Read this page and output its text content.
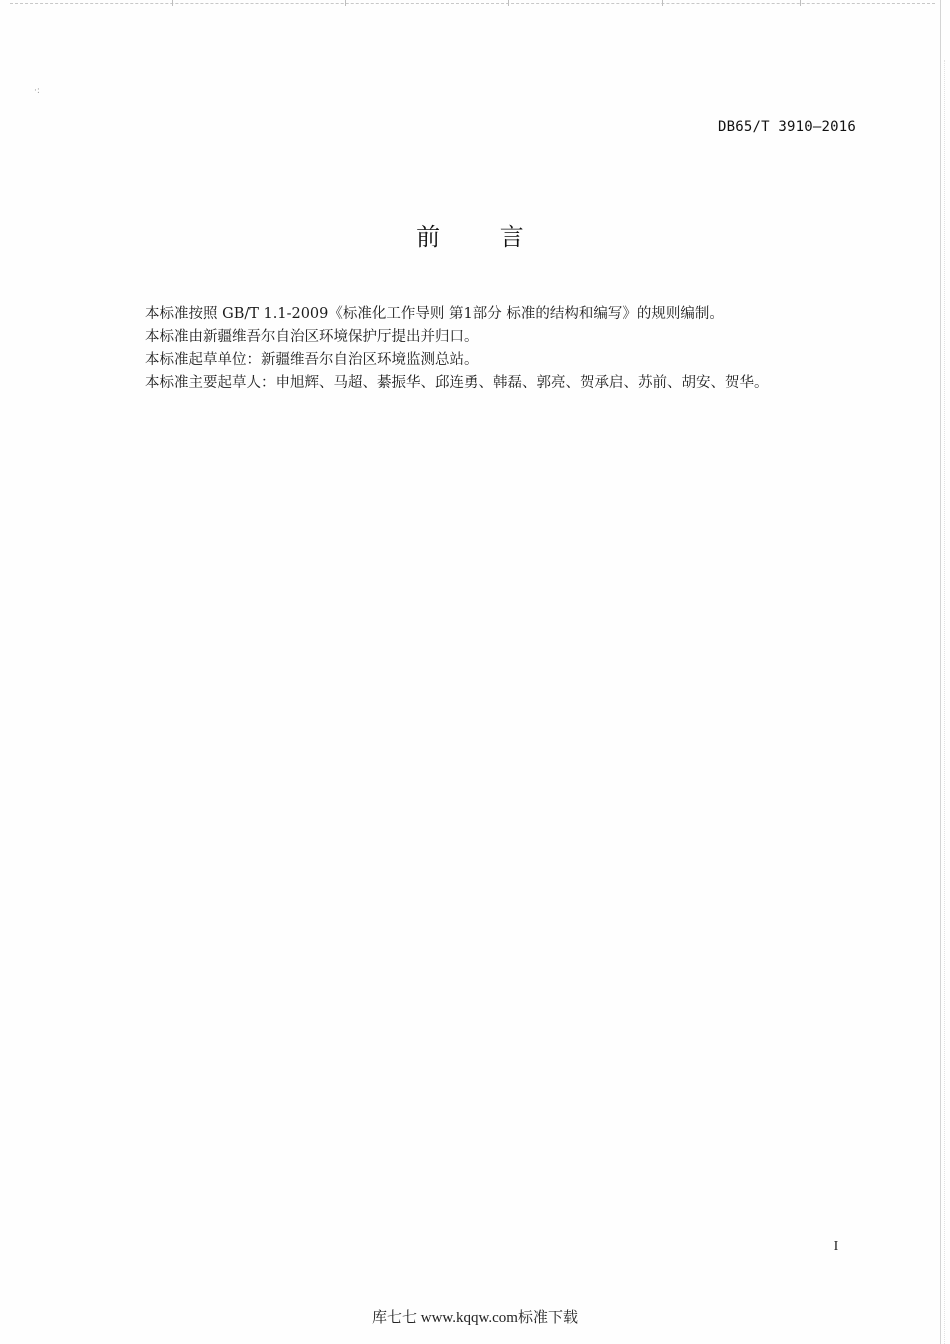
·:
DB65/T 3910—2016
前 言

本标准按照 GB/T 1.1-2009《标准化工作导则 第1部分 标准的结构和编写》的规则编制。

本标准由新疆维吾尔自治区环境保护厅提出并归口。

本标准起草单位：新疆维吾尔自治区环境监测总站。

本标准主要起草人：申旭辉、马超、綦振华、邱连勇、韩磊、郭亮、贺承启、苏前、胡安、贺华。

I
库七七 www.kqqw.com标准下载
